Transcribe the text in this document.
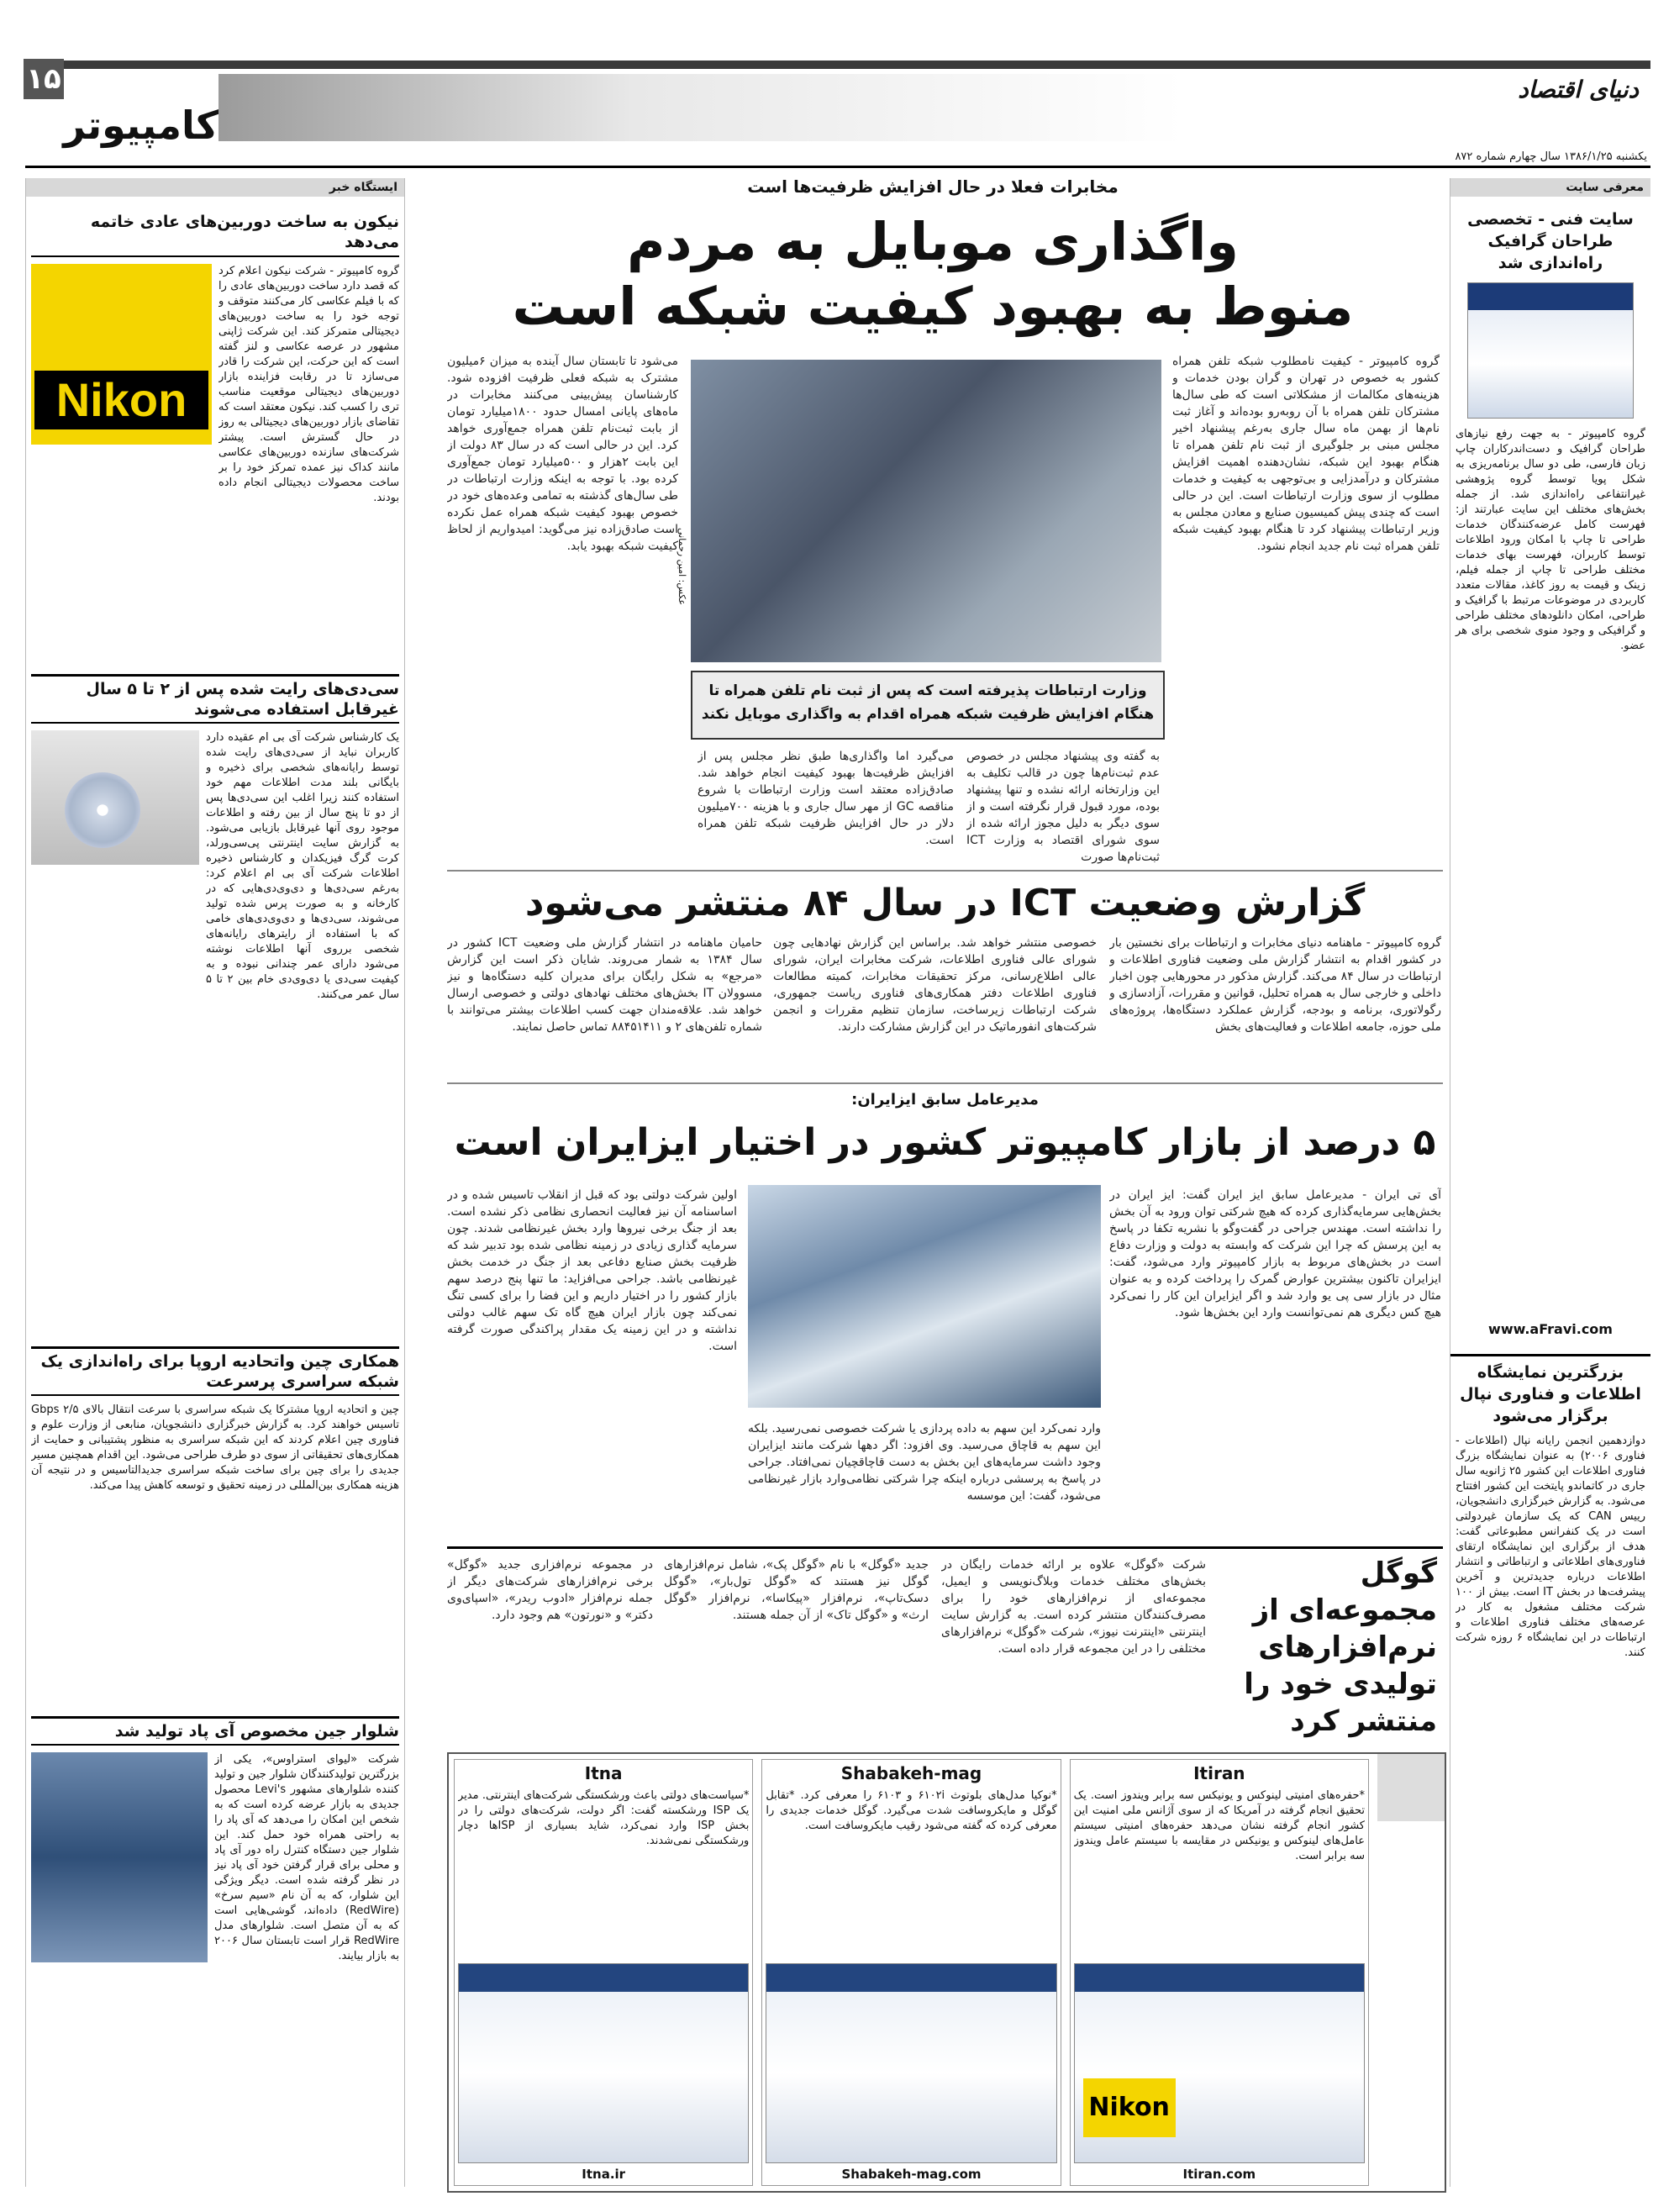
۱۵
کامپیوتر
دنیای اقتصاد
یکشنبه ۱۳۸۶/۱/۲۵ سال چهارم شماره ۸۷۲
ایستگاه خبر
نیکون به ساخت دوربین‌های عادی خاتمه می‌دهد
Nikon
گروه کامپیوتر - شرکت نیکون اعلام کرد که قصد دارد ساخت دوربین‌های عادی را که با فیلم عکاسی کار می‌کنند متوقف و توجه خود را به ساخت دوربین‌های دیجیتالی متمرکز کند. این شرکت ژاپنی مشهور در عرصه عکاسی و لنز گفته است که این حرکت، این شرکت را قادر می‌سازد تا در رقابت فزاینده بازار دوربین‌های دیجیتالی موقعیت مناسب تری را کسب کند. نیکون معتقد است که تقاضای بازار دوربین‌های دیجیتالی به روز در حال گسترش است. پیشتر شرکت‌های سازنده دوربین‌های عکاسی مانند کداک نیز عمده تمرکز خود را بر ساخت محصولات دیجیتالی انجام داده بودند.
سی‌دی‌های رایت شده پس از ۲ تا ۵ سال غیرقابل استفاده می‌شوند
یک کارشناس شرکت آی بی ام عقیده دارد کاربران نباید از سی‌دی‌های رایت شده توسط رایانه‌های شخصی برای ذخیره و بایگانی بلند مدت اطلاعات مهم خود استفاده کنند زیرا اغلب این سی‌دی‌ها پس از دو تا پنج سال از بین رفته و اطلاعات موجود روی آنها غیرقابل بازیابی می‌شود. به گزارش سایت اینترنتی پی‌سی‌ورلد، کرت گرگ فیزیکدان و کارشناس ذخیره اطلاعات شرکت آی بی ام اعلام کرد: به‌رغم سی‌دی‌ها و دی‌وی‌دی‌هایی که در کارخانه و به صورت پرس شده تولید می‌شوند، سی‌دی‌ها و دی‌وی‌دی‌های خامی که با استفاده از رایترهای رایانه‌های شخصی برروی آنها اطلاعات نوشته می‌شود دارای عمر چندانی نبوده و به کیفیت سی‌دی یا دی‌وی‌دی خام بین ۲ تا ۵ سال عمر می‌کنند.
همکاری چین واتحادیه اروپا برای راه‌اندازی یک شبکه سراسری پرسرعت
چین و اتحادیه اروپا مشترکا یک شبکه سراسری با سرعت انتقال بالای ۲/۵ Gbps تاسیس خواهند کرد. به گزارش خبرگزاری دانشجویان، منابعی از وزارت علوم و فناوری چین اعلام کردند که این شبکه سراسری به منظور پشتیبانی و حمایت از همکاری‌های تحقیقاتی از سوی دو طرف طراحی می‌شود. این اقدام همچنین مسیر جدیدی را برای چین برای ساخت شبکه سراسری جدیدالتاسیس و در نتیجه آن هزینه همکاری بین‌المللی در زمینه تحقیق و توسعه کاهش پیدا می‌کند.
شلوار جین مخصوص آی پاد تولید شد
شرکت «لیوای استراوس»، یکی از بزرگترین تولیدکنندگان شلوار جین و تولید کننده شلوارهای مشهور Levi's محصول جدیدی به بازار عرضه کرده است که به شخص این امکان را می‌دهد که آی پاد را به راحتی همراه خود حمل کند. این شلوار جین دستگاه کنترل راه دور آی پاد و محلی برای قرار گرفتن خود آی پاد نیز در نظر گرفته شده است. دیگر ویژگی این شلوار، که به آن نام «سیم سرخ» (RedWire) داده‌اند، گوشی‌هایی است که به آن متصل است. شلوارهای مدل RedWire قرار است تابستان سال ۲۰۰۶ به بازار بیایند.
مخابرات فعلا در حال افزایش ظرفیت‌ها است
واگذاری موبایل به مردم
منوط به بهبود کیفیت شبکه است
گروه کامپیوتر - کیفیت نامطلوب شبکه تلفن همراه کشور به خصوص در تهران و گران بودن خدمات و هزینه‌های مکالمات از مشکلاتی است که طی سال‌ها مشترکان تلفن همراه با آن روبه‌رو بوده‌اند و آغاز ثبت نام‌ها از بهمن ماه سال جاری به‌رغم پیشنهاد اخیر مجلس مبنی بر جلوگیری از ثبت نام تلفن همراه تا هنگام بهبود این شبکه، نشان‌دهنده اهمیت افزایش مشترکان و درآمدزایی و بی‌توجهی به کیفیت و خدمات مطلوب از سوی وزارت ارتباطات است. این در حالی است که چندی پیش کمیسیون صنایع و معادن مجلس به وزیر ارتباطات پیشنهاد کرد تا هنگام بهبود کیفیت شبکه تلفن همراه ثبت نام جدید انجام نشود.
عکس: امین رحمانی
می‌شود تا تابستان سال آینده به میزان ۶میلیون مشترک به شبکه فعلی ظرفیت افزوده شود. کارشناسان پیش‌بینی می‌کنند مخابرات در ماه‌های پایانی امسال حدود ۱۸۰۰میلیارد تومان از بابت ثبت‌نام تلفن همراه جمع‌آوری خواهد کرد. این در حالی است که در سال ۸۳ دولت از این بابت ۲هزار و ۵۰۰میلیارد تومان جمع‌آوری کرده بود. با توجه به اینکه وزارت ارتباطات در طی سال‌های گذشته به تمامی وعده‌های خود در خصوص بهبود کیفیت شبکه همراه عمل نکرده است صادق‌زاده نیز می‌گوید: امیدواریم از لحاظ کیفیت شبکه بهبود یابد.
وزارت ارتباطات پذیرفته است که پس از ثبت نام تلفن همراه تا هنگام افزایش ظرفیت شبکه همراه اقدام به واگذاری موبایل نکند
به گفته وی پیشنهاد مجلس در خصوص عدم ثبت‌نام‌ها چون در قالب تکلیف به این وزارتخانه ارائه نشده و تنها پیشنهاد بوده، مورد قبول قرار نگرفته است و از سوی دیگر به دلیل مجوز ارائه شده از سوی شورای اقتصاد به وزارت ICT ثبت‌نام‌ها صورت
می‌گیرد اما واگذاری‌ها طبق نظر مجلس پس از افزایش ظرفیت‌ها بهبود کیفیت انجام خواهد شد. صادق‌زاده معتقد است وزارت ارتباطات با شروع مناقصه GC از مهر سال جاری و با هزینه ۷۰۰میلیون دلار در حال افزایش ظرفیت شبکه تلفن همراه است.
گزارش وضعیت ICT در سال ۸۴ منتشر می‌شود
گروه کامپیوتر - ماهنامه دنیای مخابرات و ارتباطات برای نخستین بار در کشور اقدام به انتشار گزارش ملی وضعیت فناوری اطلاعات و ارتباطات در سال ۸۴ می‌کند. گزارش مذکور در محورهایی چون اخبار داخلی و خارجی سال به همراه تحلیل، قوانین و مقررات، آزادسازی و رگولاتوری، برنامه و بودجه، گزارش عملکرد دستگاه‌ها، پروژه‌های ملی حوزه، جامعه اطلاعات و فعالیت‌های بخش
خصوصی منتشر خواهد شد. براساس این گزارش نهادهایی چون شورای عالی فناوری اطلاعات، شرکت مخابرات ایران، شورای عالی اطلاع‌رسانی، مرکز تحقیقات مخابرات، کمیته مطالعات فناوری اطلاعات دفتر همکاری‌های فناوری ریاست جمهوری، شرکت ارتباطات زیرساخت، سازمان تنظیم مقررات و انجمن شرکت‌های انفورماتیک در این گزارش مشارکت دارند.
حامیان ماهنامه در انتشار گزارش ملی وضعیت ICT کشور در سال ۱۳۸۴ به شمار می‌روند. شایان ذکر است این گزارش «مرجع» به شکل رایگان برای مدیران کلیه دستگاه‌ها و نیز مسوولان IT بخش‌های مختلف نهادهای دولتی و خصوصی ارسال خواهد شد. علاقه‌مندان جهت کسب اطلاعات بیشتر می‌توانند با شماره تلفن‌های ۲ و ۸۸۴۵۱۴۱۱ تماس حاصل نمایند.
مدیرعامل سابق ایزایران:
۵ درصد از بازار کامپیوتر کشور در اختیار ایزایران است
آی تی ایران - مدیرعامل سابق ایز ایران گفت: ایز ایران در بخش‌هایی سرمایه‌گذاری کرده که هیچ شرکتی توان ورود به آن بخش را نداشته است. مهندس جراحی در گفت‌وگو با نشریه تکفا در پاسخ به این پرسش که چرا این شرکت که وابسته به دولت و وزارت دفاع است در بخش‌های مربوط به بازار کامپیوتر وارد می‌شود، گفت: ایزایران تاکنون بیشترین عوارض گمرک را پرداخت کرده و به عنوان مثال در بازار سی پی یو وارد شد و اگر ایزایران این کار را نمی‌کرد هیچ کس دیگری هم نمی‌توانست وارد این بخش‌ها شود.
اولین شرکت دولتی بود که قبل از انقلاب تاسیس شده و در اساسنامه آن نیز فعالیت انحصاری نظامی ذکر نشده است. بعد از جنگ برخی نیروها وارد بخش غیرنظامی شدند. چون سرمایه گذاری زیادی در زمینه نظامی شده بود تدبیر شد که ظرفیت بخش صنایع دفاعی بعد از جنگ در خدمت بخش غیرنظامی باشد. جراحی می‌افزاید: ما تنها پنج درصد سهم بازار کشور را در اختیار داریم و این فضا را برای کسی تنگ نمی‌کند چون بازار ایران هیچ گاه تک سهم غالب دولتی نداشته و در این زمینه یک مقدار پراکندگی صورت گرفته است.
وارد نمی‌کرد این سهم به داده پردازی یا شرکت خصوصی نمی‌رسید. بلکه این سهم به قاچاق می‌رسید. وی افزود: اگر دهها شرکت مانند ایزایران وجود داشت سرمایه‌های این بخش به دست قاچاقچیان نمی‌افتاد. جراحی در پاسخ به پرسشی درباره اینکه چرا شرکتی نظامی‌وارد بازار غیرنظامی می‌شود، گفت: این موسسه
گوگل مجموعه‌ای از نرم‌افزارهای تولیدی خود را منتشر کرد
شرکت «گوگل» علاوه بر ارائه خدمات رایگان در بخش‌های مختلف خدمات وبلاگ‌نویسی و ایمیل، مجموعه‌ای از نرم‌افزارهای خود را برای مصرف‌کنندگان منتشر کرده است. به گزارش سایت اینترنتی «اینترنت نیوز»، شرکت «گوگل» نرم‌افزارهای مختلفی را در این مجموعه قرار داده است.
جدید «گوگل» با نام «گوگل پک»، شامل نرم‌افزارهای گوگل نیز هستند که «گوگل تول‌بار»، «گوگل دسک‌تاپ»، نرم‌افزار «پیکاسا»، نرم‌افزار «گوگل ارث» و «گوگل تاک» از آن جمله هستند.
در مجموعه نرم‌افزاری جدید «گوگل» برخی نرم‌افزارهای شرکت‌های دیگر از جمله نرم‌افزار «ادوب ریدر»، «اسپای‌وی دکتر» و «نورتون» هم وجود دارد.
Itiran
*حفره‌های امنیتی لینوکس و یونیکس سه برابر ویندوز است. یک تحقیق انجام گرفته در آمریکا که از سوی آژانس ملی امنیت این کشور انجام گرفته نشان می‌دهد حفره‌های امنیتی سیستم عامل‌های لینوکس و یونیکس در مقایسه با سیستم عامل ویندوز سه برابر است.
Nikon
Itiran.com
Shabakeh-mag
*نوکیا مدل‌های بلوتوث ۶۱۰۲i و ۶۱۰۳ را معرفی کرد. *تقابل گوگل و مایکروسافت شدت می‌گیرد. گوگل خدمات جدیدی را معرفی کرده که گفته می‌شود رقیب مایکروسافت است.
Shabakeh-mag.com
Itna
*سیاست‌های دولتی باعث ورشکستگی شرکت‌های اینترنتی. مدیر یک ISP ورشکسته گفت: اگر دولت، شرکت‌های دولتی را در بخش ISP وارد نمی‌کرد، شاید بسیاری از ISPها دچار ورشکستگی نمی‌شدند.
Itna.ir
معرفی سایت
سایت فنی - تخصصی طراحان گرافیک راه‌اندازی شد
گروه کامپیوتر - به جهت رفع نیازهای طراحان گرافیک و دست‌اندرکاران چاپ زبان فارسی، طی دو سال برنامه‌ریزی به شکل پویا توسط گروه پژوهشی غیرانتفاعی راه‌اندازی شد. از جمله بخش‌های مختلف این سایت عبارتند از: فهرست کامل عرضه‌کنندگان خدمات طراحی تا چاپ با امکان ورود اطلاعات توسط کاربران، فهرست بهای خدمات مختلف طراحی تا چاپ از جمله فیلم، زینک و قیمت به روز کاغذ، مقالات متعدد کاربردی در موضوعات مرتبط با گرافیک و طراحی، امکان دانلودهای مختلف طراحی و گرافیکی و وجود منوی شخصی برای هر عضو.
www.aFravi.com
بزرگترین نمایشگاه اطلاعات و فناوری نپال برگزار می‌شود
دوازدهمین انجمن رایانه نپال (اطلاعات - فناوری ۲۰۰۶) به عنوان نمایشگاه بزرگ فناوری اطلاعات این کشور ۲۵ ژانویه سال جاری در کاتماندو پایتخت این کشور افتتاح می‌شود. به گزارش خبرگزاری دانشجویان، رییس CAN که یک سازمان غیردولتی است در یک کنفرانس مطبوعاتی گفت: هدف از برگزاری این نمایشگاه ارتقای فناوری‌های اطلاعاتی و ارتباطاتی و انتشار اطلاعات درباره جدیدترین و آخرین پیشرفت‌ها در بخش IT است. بیش از ۱۰۰ شرکت مختلف مشغول به کار در عرصه‌های مختلف فناوری اطلاعات و ارتباطات در این نمایشگاه ۶ روزه شرکت کنند.
